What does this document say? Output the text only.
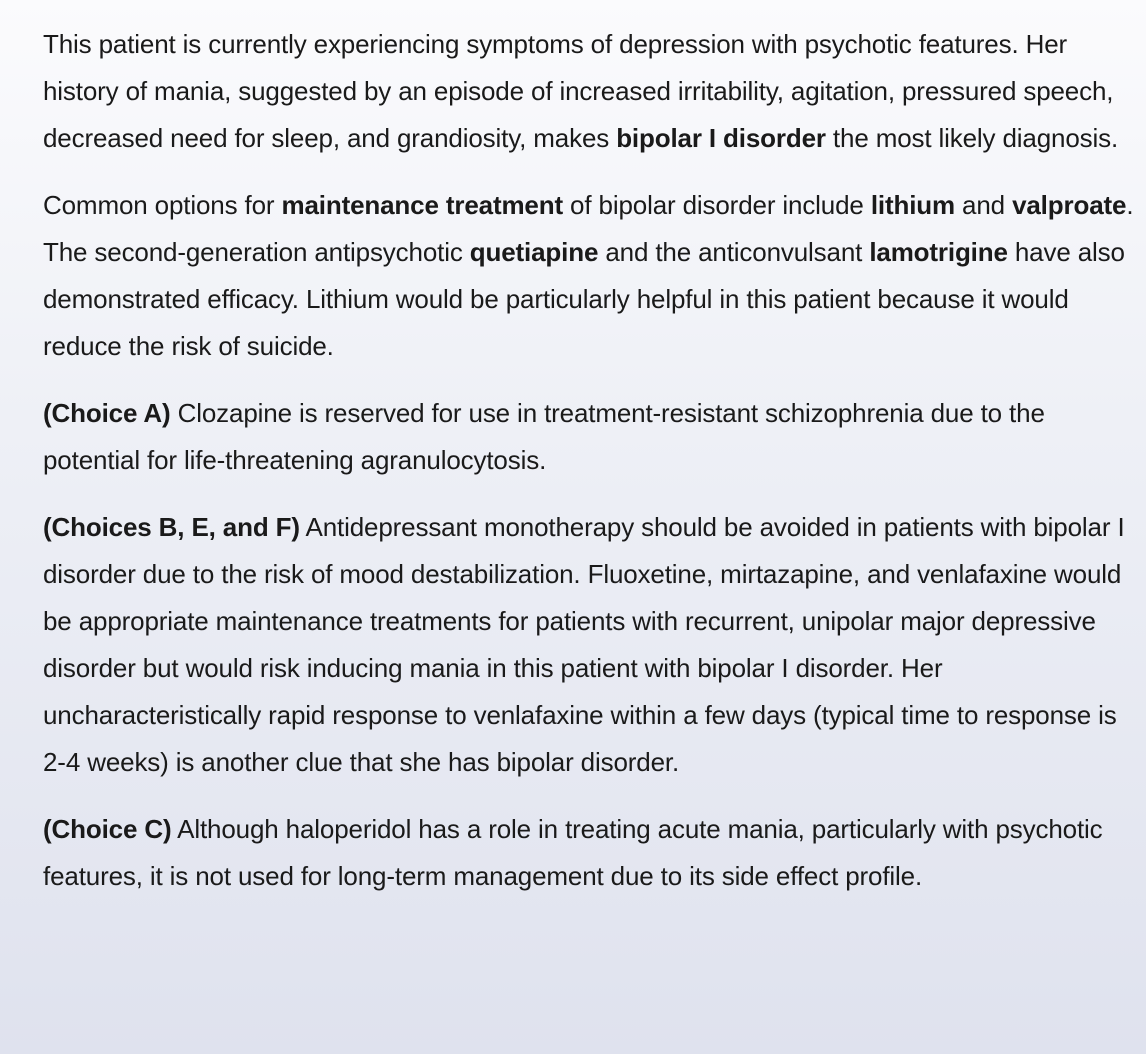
This patient is currently experiencing symptoms of depression with psychotic features. Her history of mania, suggested by an episode of increased irritability, agitation, pressured speech, decreased need for sleep, and grandiosity, makes bipolar I disorder the most likely diagnosis.

Common options for maintenance treatment of bipolar disorder include lithium and valproate. The second-generation antipsychotic quetiapine and the anticonvulsant lamotrigine have also demonstrated efficacy. Lithium would be particularly helpful in this patient because it would reduce the risk of suicide.

(Choice A) Clozapine is reserved for use in treatment-resistant schizophrenia due to the potential for life-threatening agranulocytosis.

(Choices B, E, and F) Antidepressant monotherapy should be avoided in patients with bipolar I disorder due to the risk of mood destabilization. Fluoxetine, mirtazapine, and venlafaxine would be appropriate maintenance treatments for patients with recurrent, unipolar major depressive disorder but would risk inducing mania in this patient with bipolar I disorder. Her uncharacteristically rapid response to venlafaxine within a few days (typical time to response is 2-4 weeks) is another clue that she has bipolar disorder.

(Choice C) Although haloperidol has a role in treating acute mania, particularly with psychotic features, it is not used for long-term management due to its side effect profile.
